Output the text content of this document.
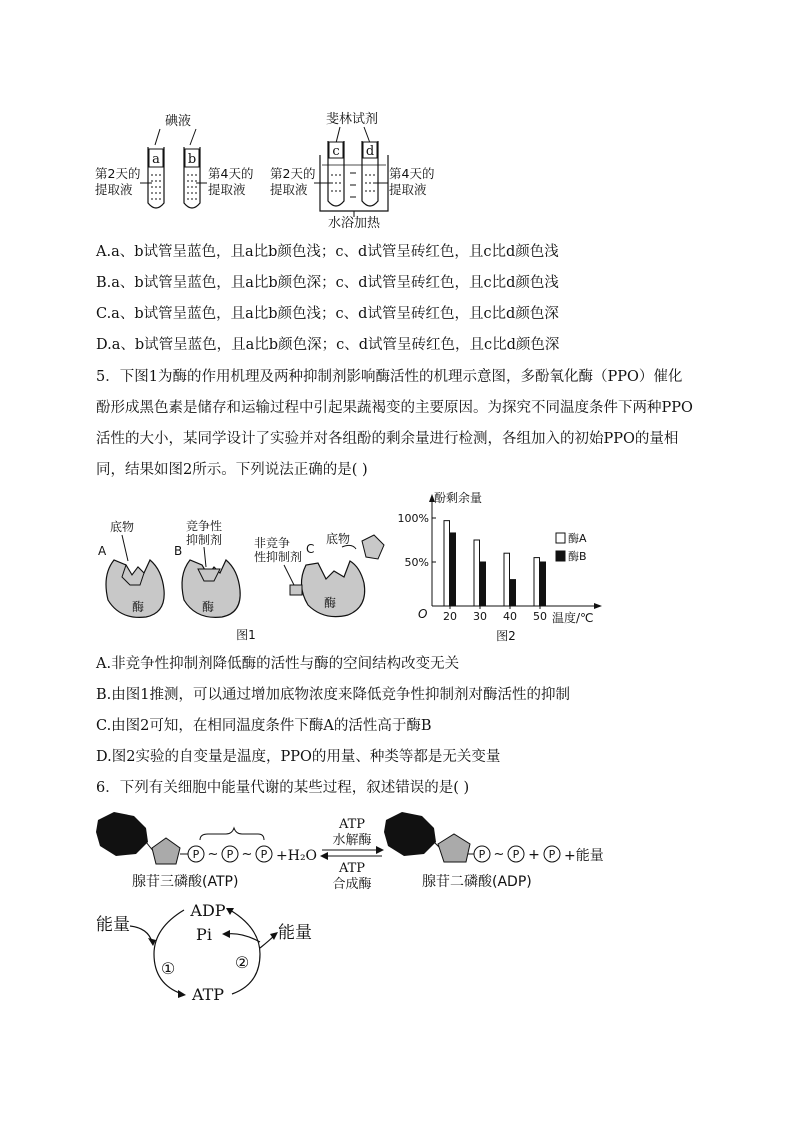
碘液
a b
第2天的
提取液
第4天的
提取液
斐林试剂
c d
第2天的
提取液
第4天的
提取液
水浴加热
A.a、b试管呈蓝色，且a比b颜色浅；c、d试管呈砖红色，且c比d颜色浅
B.a、b试管呈蓝色，且a比b颜色深；c、d试管呈砖红色，且c比d颜色浅
C.a、b试管呈蓝色，且a比b颜色浅；c、d试管呈砖红色，且c比d颜色深
D.a、b试管呈蓝色，且a比b颜色深；c、d试管呈砖红色，且c比d颜色深
5．下图1为酶的作用机理及两种抑制剂影响酶活性的机理示意图，多酚氧化酶（PPO）催化酚形成黑色素是储存和运输过程中引起果蔬褐变的主要原因。为探究不同温度条件下两种PPO活性的大小，某同学设计了实验并对各组酚的剩余量进行检测，各组加入的初始PPO的量相同，结果如图2所示。下列说法正确的是( )
A
底物
酶
B
竞争性
抑制剂
酶
非竞争
性抑制剂
C
底物
酶
图1
酚剩余量
O	温度/℃
图2
100%
50%
20 30 40 50
酶A
酶B
A.非竞争性抑制剂降低酶的活性与酶的空间结构改变无关
B.由图1推测，可以通过增加底物浓度来降低竞争性抑制剂对酶活性的抑制
C.由图2可知，在相同温度条件下酶A的活性高于酶B
D.图2实验的自变量是温度，PPO的用量、种类等都是无关变量
6．下列有关细胞中能量代谢的某些过程，叙述错误的是( )
P ~ P ~ P +H₂O
腺苷三磷酸(ATP)
ATP
水解酶
ATP
合成酶
P ~ P + P +能量
腺苷二磷酸(ADP)
ADP
Pi
ATP
能量	能量
①	②
